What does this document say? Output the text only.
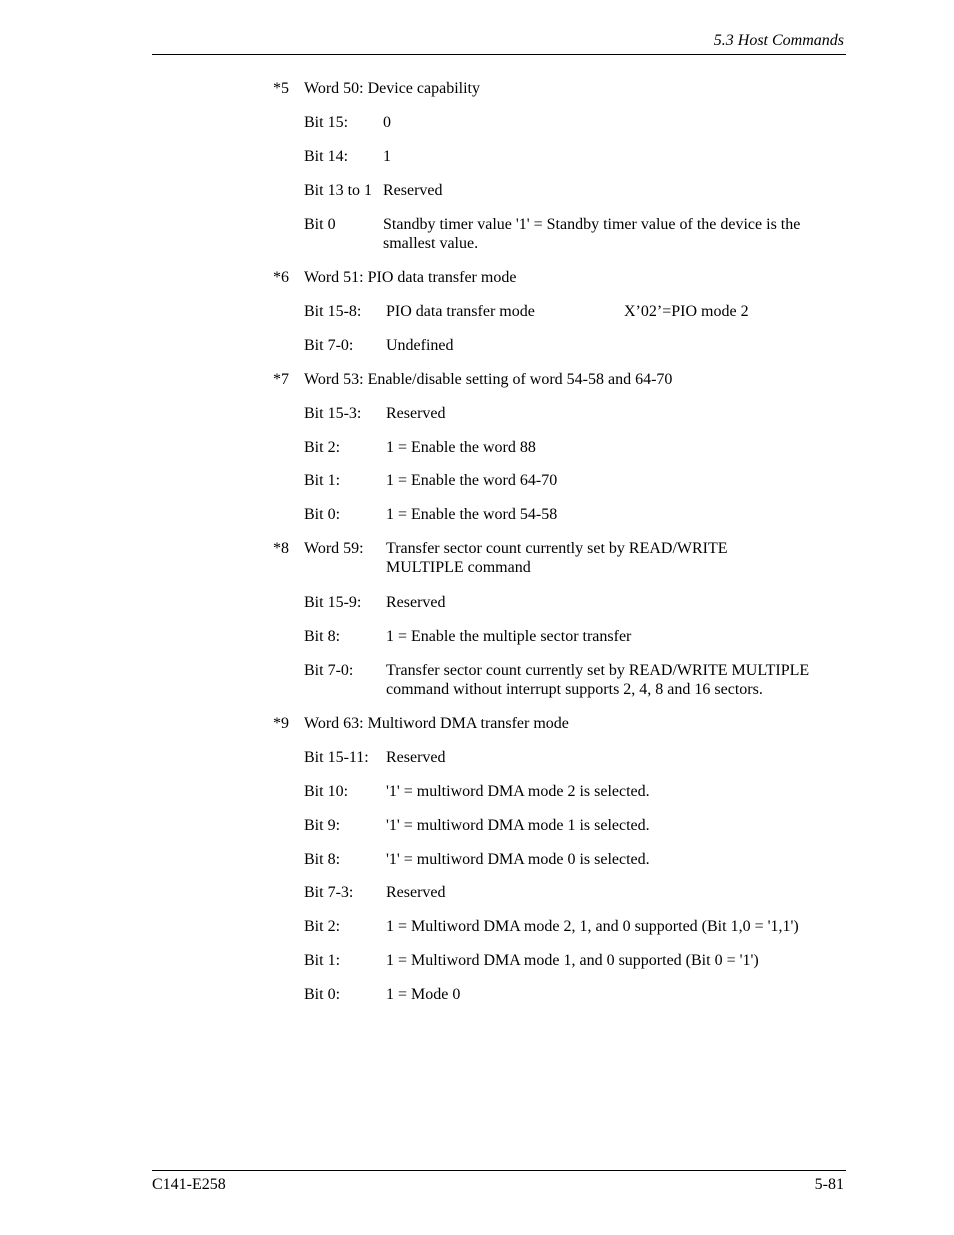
5.3 Host Commands
*5 Word 50: Device capability
Bit 15: 0
Bit 14: 1
Bit 13 to 1 Reserved
Bit 0	Standby timer value '1' = Standby timer value of the device is the smallest value.
*6 Word 51: PIO data transfer mode
Bit 15-8: PIO data transfer mode	X’02’=PIO mode 2
Bit 7-0: Undefined
*7 Word 53: Enable/disable setting of word 54-58 and 64-70
Bit 15-3: Reserved
Bit 2:	1 = Enable the word 88
Bit 1:	1 = Enable the word 64-70
Bit 0:	1 = Enable the word 54-58
*8 Word 59: Transfer sector count currently set by READ/WRITE MULTIPLE command
Bit 15-9: Reserved
Bit 8:	1 = Enable the multiple sector transfer
Bit 7-0: Transfer sector count currently set by READ/WRITE MULTIPLE command without interrupt supports 2, 4, 8 and 16 sectors.
*9 Word 63: Multiword DMA transfer mode
Bit 15-11: Reserved
Bit 10: '1' = multiword DMA mode 2 is selected.
Bit 9:	'1' = multiword DMA mode 1 is selected.
Bit 8:	'1' = multiword DMA mode 0 is selected.
Bit 7-3: Reserved
Bit 2:	1 = Multiword DMA mode 2, 1, and 0 supported (Bit 1,0 = '1,1')
Bit 1:	1 = Multiword DMA mode 1, and 0 supported (Bit 0 = '1')
Bit 0:	1 = Mode 0
C141-E258	5-81
